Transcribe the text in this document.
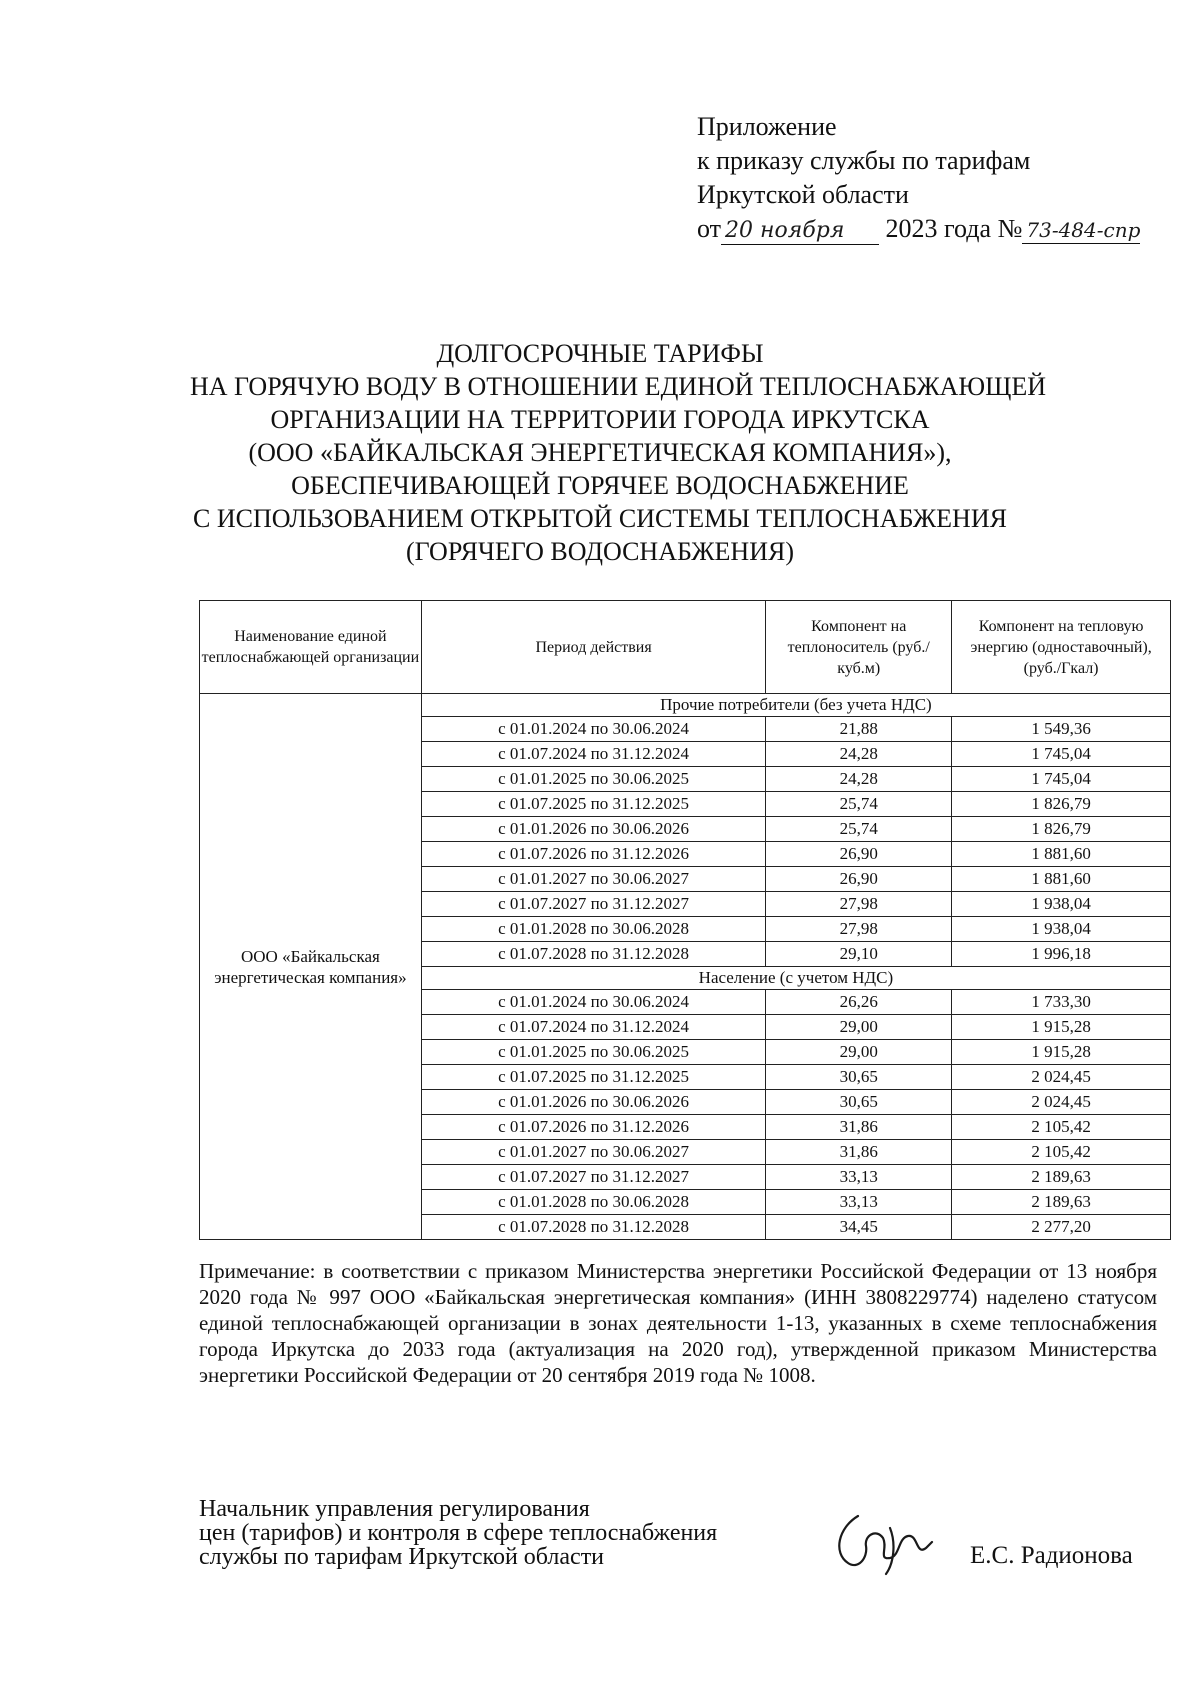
Приложение
к приказу службы по тарифам
Иркутской области
от 20 ноября 2023 года № 73-484-спр
ДОЛГОСРОЧНЫЕ ТАРИФЫ
НА ГОРЯЧУЮ ВОДУ В ОТНОШЕНИИ ЕДИНОЙ ТЕПЛОСНАБЖАЮЩЕЙ
ОРГАНИЗАЦИИ НА ТЕРРИТОРИИ ГОРОДА ИРКУТСКА
(ООО «БАЙКАЛЬСКАЯ ЭНЕРГЕТИЧЕСКАЯ КОМПАНИЯ»),
ОБЕСПЕЧИВАЮЩЕЙ ГОРЯЧЕЕ ВОДОСНАБЖЕНИЕ
С ИСПОЛЬЗОВАНИЕМ ОТКРЫТОЙ СИСТЕМЫ ТЕПЛОСНАБЖЕНИЯ
(ГОРЯЧЕГО ВОДОСНАБЖЕНИЯ)
Наименование единой теплоснабжающей организации	Период действия	Компонент на теплоноситель (руб./куб.м)	Компонент на тепловую энергию (одноставочный), (руб./Гкал)
ООО «Байкальская энергетическая компания»	Прочие потребители (без учета НДС)		
	с 01.01.2024 по 30.06.2024	21,88	1 549,36
	с 01.07.2024 по 31.12.2024	24,28	1 745,04
	с 01.01.2025 по 30.06.2025	24,28	1 745,04
	с 01.07.2025 по 31.12.2025	25,74	1 826,79
	с 01.01.2026 по 30.06.2026	25,74	1 826,79
	с 01.07.2026 по 31.12.2026	26,90	1 881,60
	с 01.01.2027 по 30.06.2027	26,90	1 881,60
	с 01.07.2027 по 31.12.2027	27,98	1 938,04
	с 01.01.2028 по 30.06.2028	27,98	1 938,04
	с 01.07.2028 по 31.12.2028	29,10	1 996,18
	Население (с учетом НДС)		
	с 01.01.2024 по 30.06.2024	26,26	1 733,30
	с 01.07.2024 по 31.12.2024	29,00	1 915,28
	с 01.01.2025 по 30.06.2025	29,00	1 915,28
	с 01.07.2025 по 31.12.2025	30,65	2 024,45
	с 01.01.2026 по 30.06.2026	30,65	2 024,45
	с 01.07.2026 по 31.12.2026	31,86	2 105,42
	с 01.01.2027 по 30.06.2027	31,86	2 105,42
	с 01.07.2027 по 31.12.2027	33,13	2 189,63
	с 01.01.2028 по 30.06.2028	33,13	2 189,63
	с 01.07.2028 по 31.12.2028	34,45	2 277,20
Примечание: в соответствии с приказом Министерства энергетики Российской Федерации от 13 ноября 2020 года № 997 ООО «Байкальская энергетическая компания» (ИНН 3808229774) наделено статусом единой теплоснабжающей организации в зонах деятельности 1-13, указанных в схеме теплоснабжения города Иркутска до 2033 года (актуализация на 2020 год), утвержденной приказом Министерства энергетики Российской Федерации от 20 сентября 2019 года № 1008.
Начальник управления регулирования
цен (тарифов) и контроля в сфере теплоснабжения
службы по тарифам Иркутской области	Е.С. Радионова
